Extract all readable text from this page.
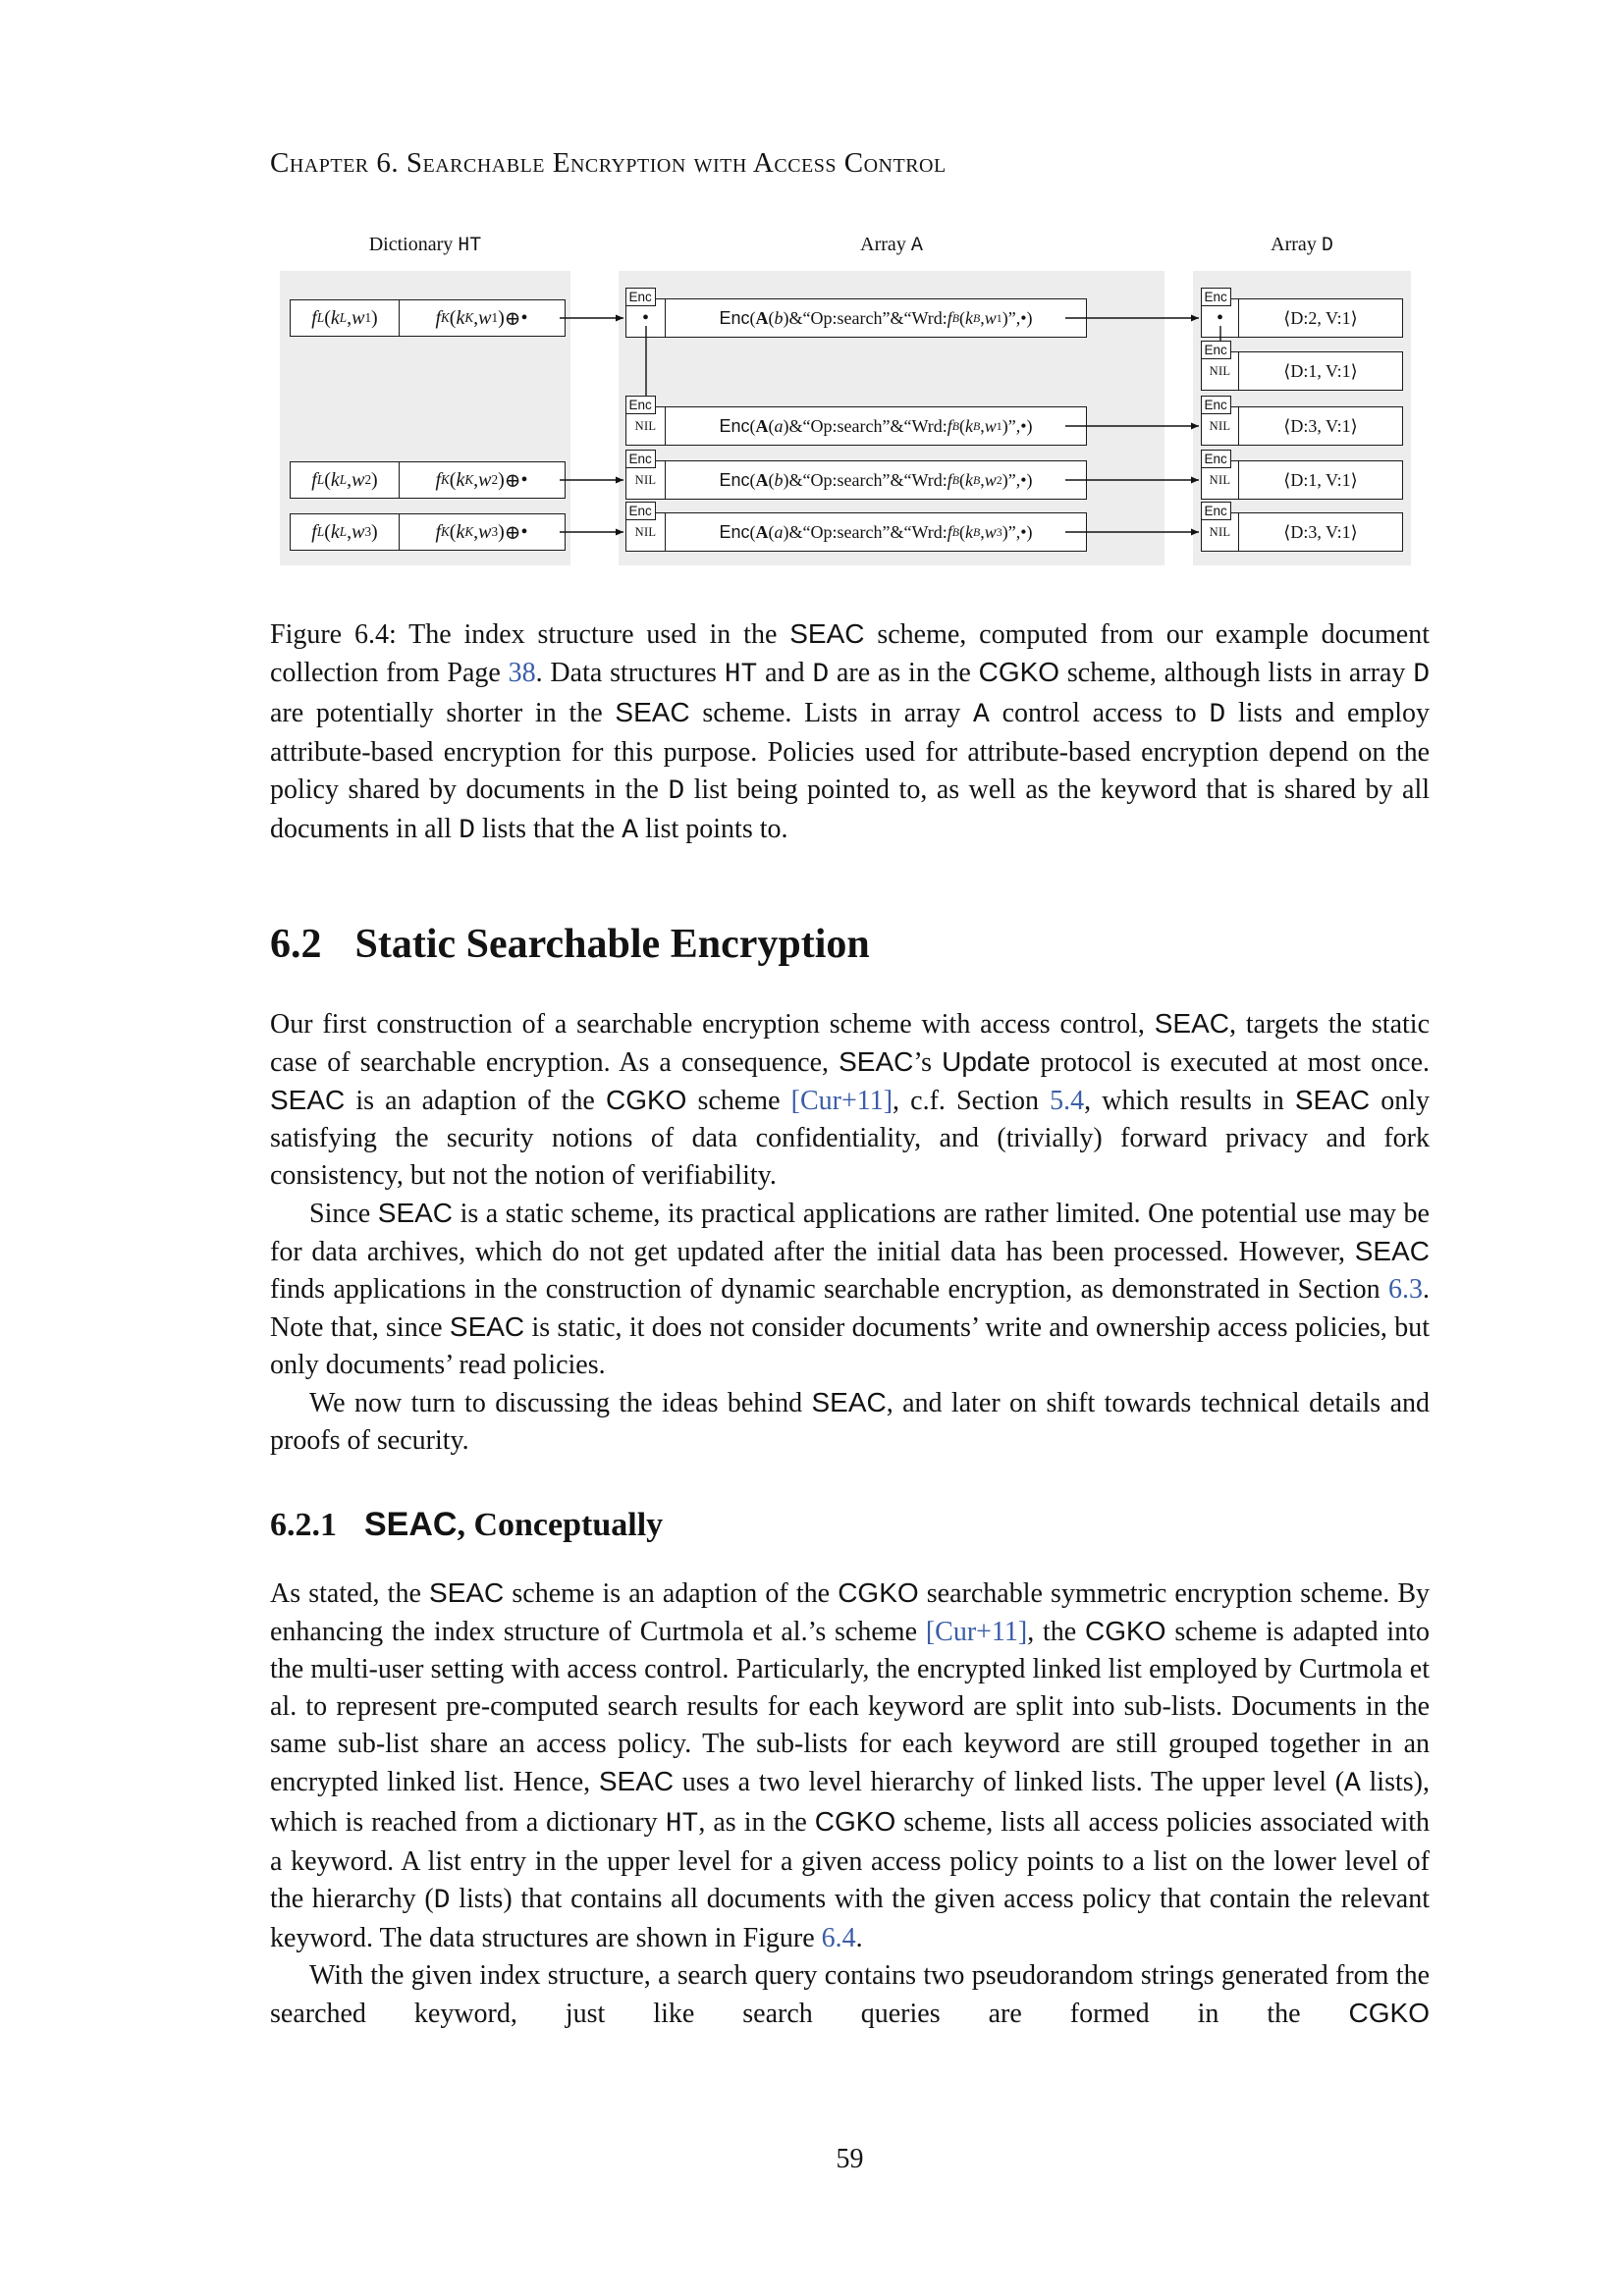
Chapter 6. Searchable Encryption with Access Control
Dictionary HT	Array A	Array D
f L ( k L , w 1 )	f K ( k K , w 1 ) ⊕ •
f L ( k L , w 2 )	f K ( k K , w 2 ) ⊕ •
f L ( k L , w 3 )	f K ( k K , w 3 ) ⊕ •
Enc
•	Enc ( A ( b )&“Op:search”&“Wrd: f B ( k B , w 1 )”, • )
Enc
NIL	Enc ( A ( a )&“Op:search”&“Wrd: f B ( k B , w 1 )”, • )
Enc
NIL	Enc ( A ( b )&“Op:search”&“Wrd: f B ( k B , w 2 )”, • )
Enc
NIL	Enc ( A ( a )&“Op:search”&“Wrd: f B ( k B , w 3 )”, • )
Enc
•	⟨D:2, V:1⟩
Enc
NIL	⟨D:1, V:1⟩
Enc
NIL	⟨D:3, V:1⟩
Enc
NIL	⟨D:1, V:1⟩
Enc
NIL	⟨D:3, V:1⟩
Figure 6.4: The index structure used in the SEAC scheme, computed from our example document collection from Page 38. Data structures HT and D are as in the CGKO scheme, although lists in array D are potentially shorter in the SEAC scheme. Lists in array A control access to D lists and employ attribute-based encryption for this purpose. Policies used for attribute-based encryption depend on the policy shared by documents in the D list being pointed to, as well as the keyword that is shared by all documents in all D lists that the A list points to.
6.2 Static Searchable Encryption

Our first construction of a searchable encryption scheme with access control, SEAC, targets the static case of searchable encryption. As a consequence, SEAC’s Update protocol is executed at most once. SEAC is an adaption of the CGKO scheme [Cur+11], c.f. Section 5.4, which results in SEAC only satisfying the security notions of data confidentiality, and (trivially) forward privacy and fork consistency, but not the notion of verifiability.

Since SEAC is a static scheme, its practical applications are rather limited. One potential use may be for data archives, which do not get updated after the initial data has been processed. However, SEAC finds applications in the construction of dynamic searchable encryption, as demonstrated in Section 6.3. Note that, since SEAC is static, it does not consider documents’ write and ownership access policies, but only documents’ read policies.

We now turn to discussing the ideas behind SEAC, and later on shift towards technical details and proofs of security.

6.2.1 SEAC, Conceptually

As stated, the SEAC scheme is an adaption of the CGKO searchable symmetric encryption scheme. By enhancing the index structure of Curtmola et al.’s scheme [Cur+11], the CGKO scheme is adapted into the multi-user setting with access control. Particularly, the encrypted linked list employed by Curtmola et al. to represent pre-computed search results for each keyword are split into sub-lists. Documents in the same sub-list share an access policy. The sub-lists for each keyword are still grouped together in an encrypted linked list. Hence, SEAC uses a two level hierarchy of linked lists. The upper level (A lists), which is reached from a dictionary HT, as in the CGKO scheme, lists all access policies associated with a keyword. A list entry in the upper level for a given access policy points to a list on the lower level of the hierarchy (D lists) that contains all documents with the given access policy that contain the relevant keyword. The data structures are shown in Figure 6.4.

With the given index structure, a search query contains two pseudorandom strings generated from the searched keyword, just like search queries are formed in the CGKO

59
